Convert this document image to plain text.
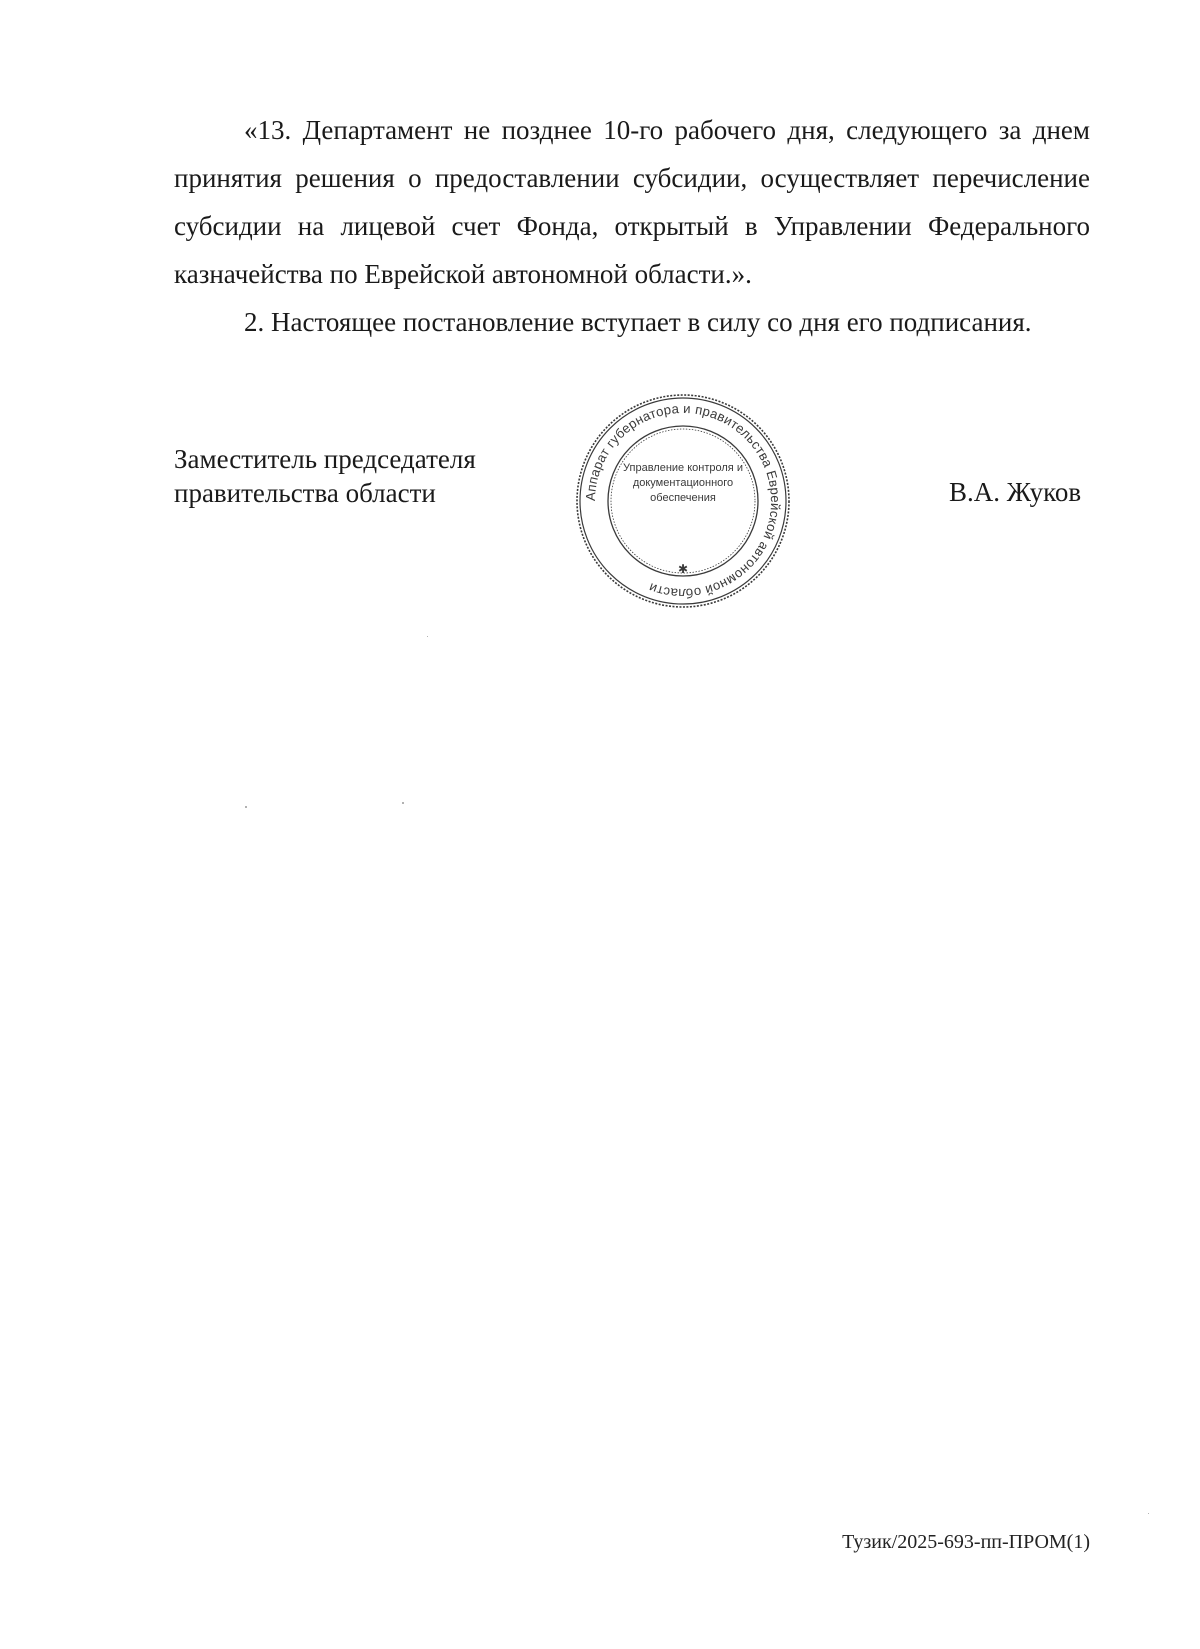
«13. Департамент не позднее 10-го рабочего дня, следующего за днем принятия решения о предоставлении субсидии, осуществляет перечисление субсидии на лицевой счет Фонда, открытый в Управлении Федерального казначейства по Еврейской автономной области.».

2. Настоящее постановление вступает в силу со дня его подписания.

Заместитель председателя
правительства области	Аппарат губернатора и правительства Еврейской автономной области
Управление контроля и
документационного
обеспечения
✱
В.А. Жуков
Тузик/2025-693-пп-ПРОМ(1)
